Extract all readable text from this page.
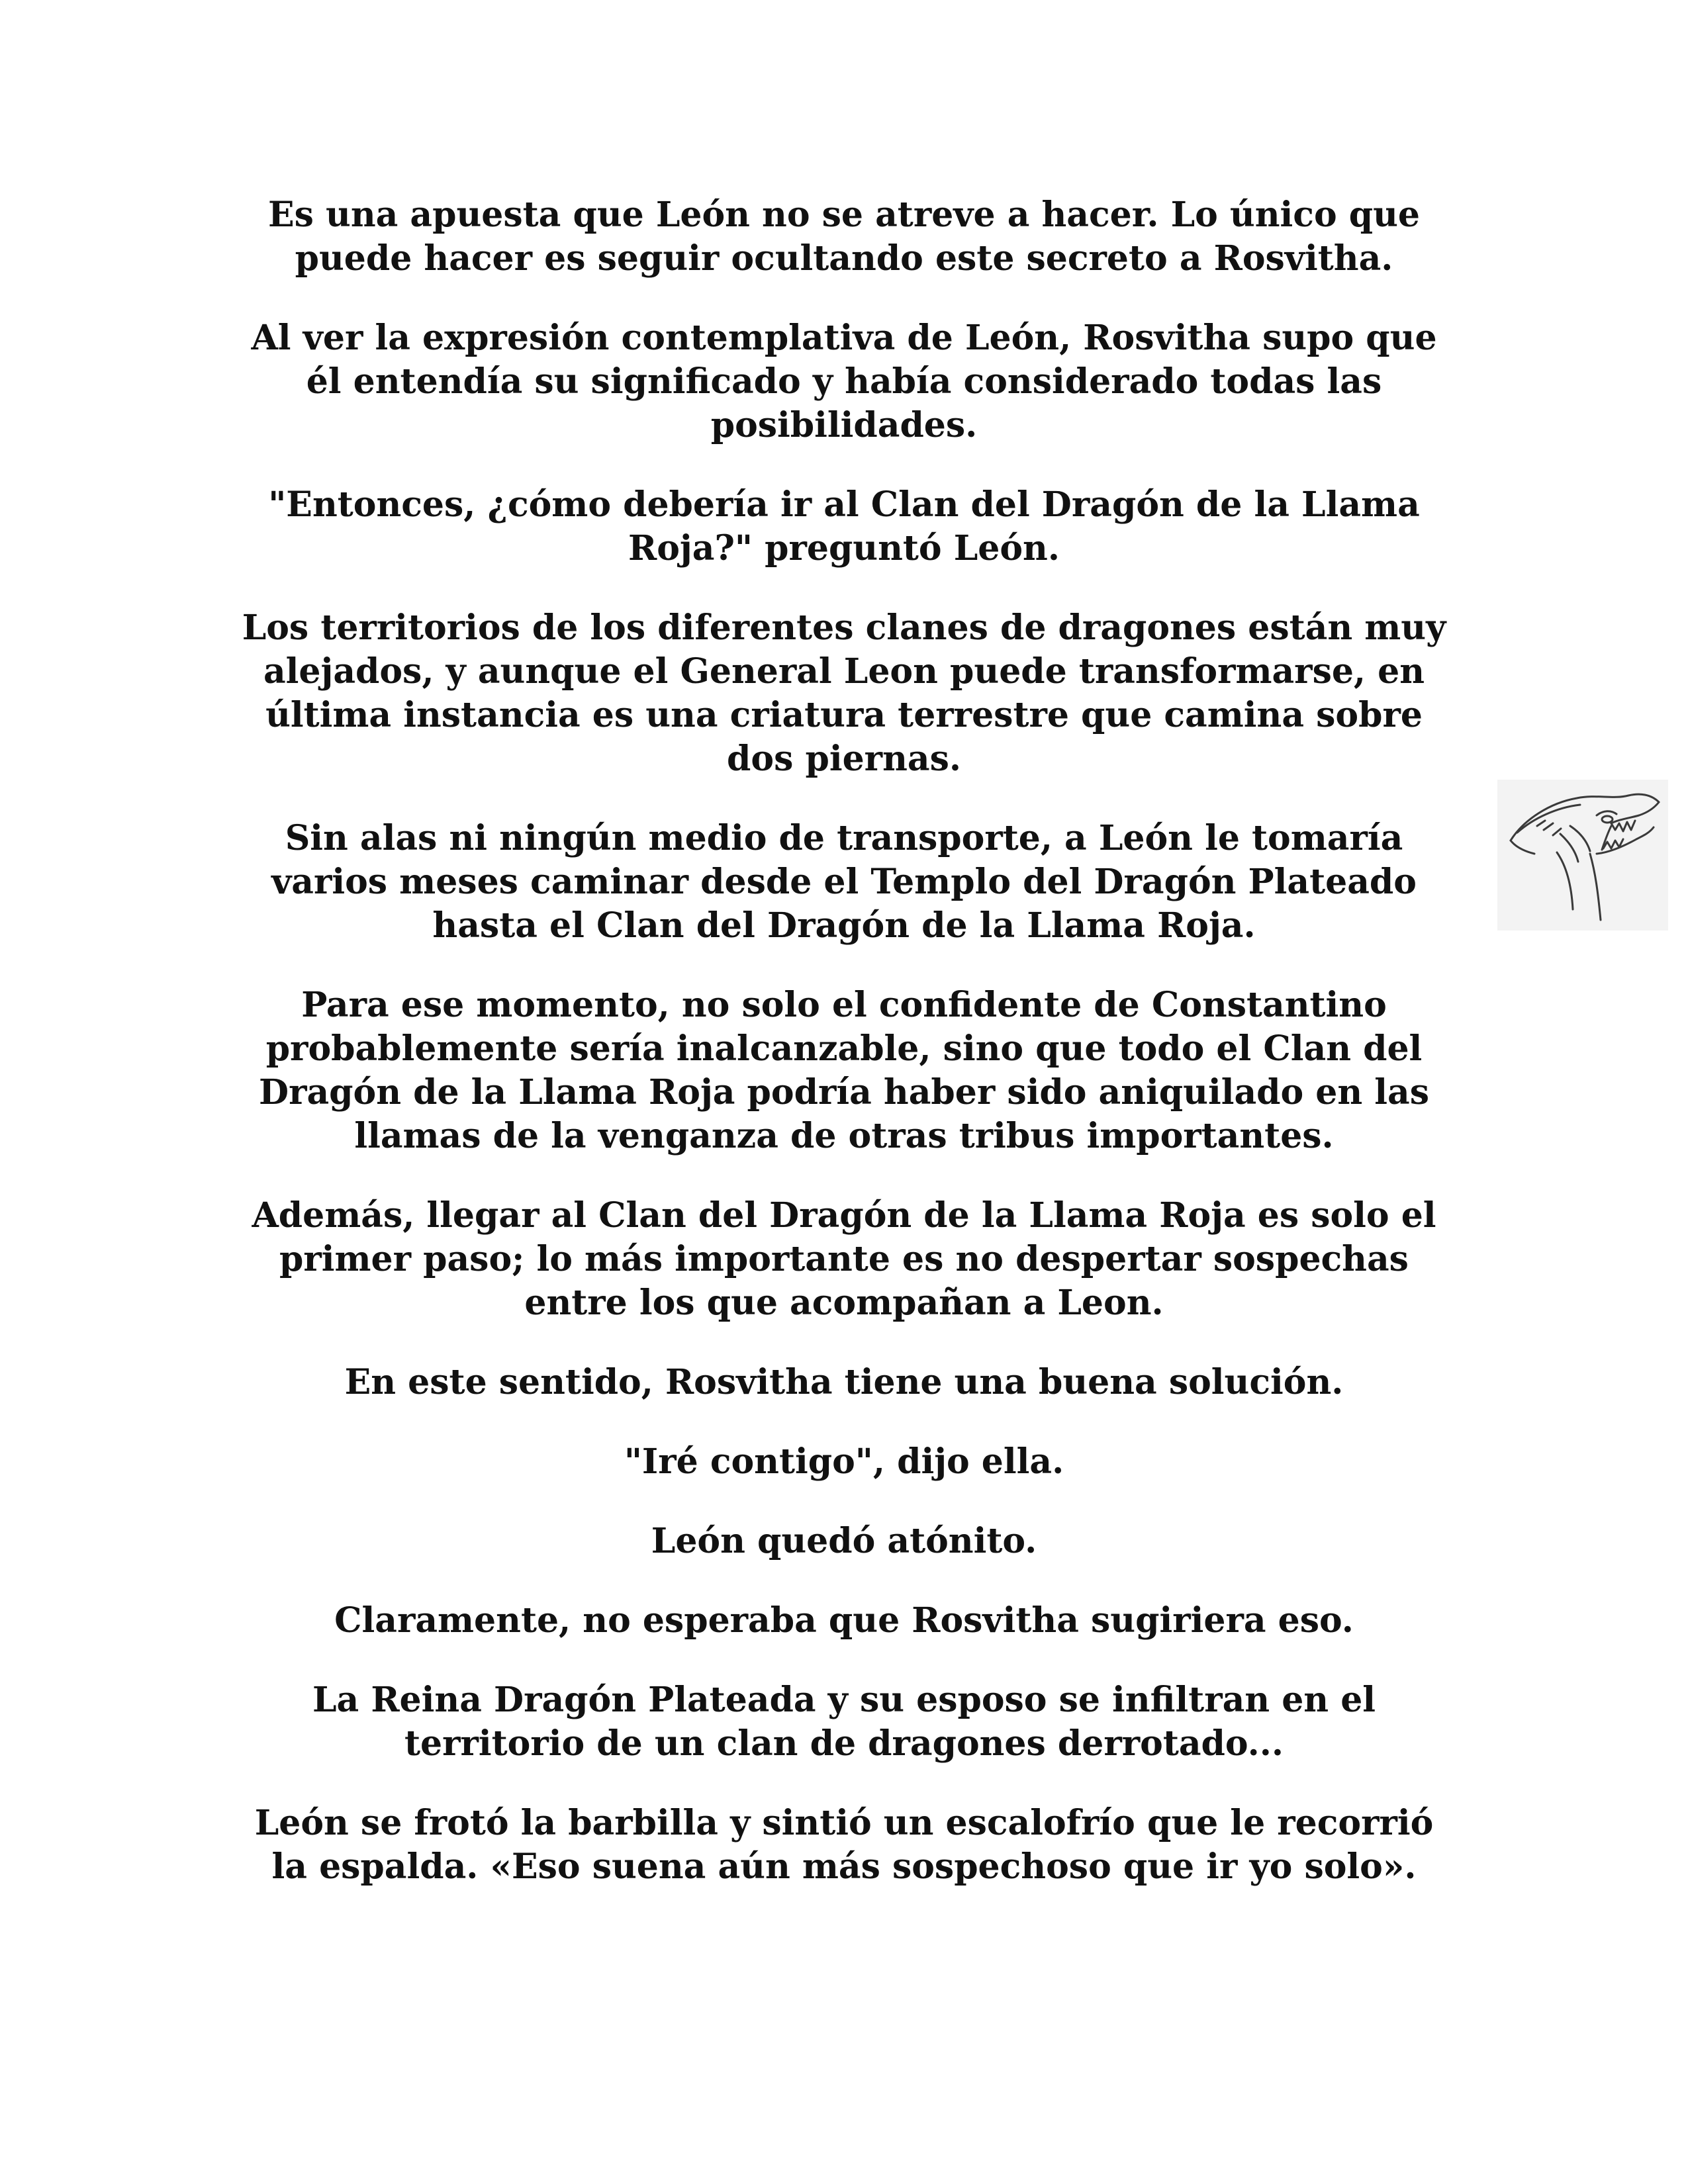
Es una apuesta que León no se atreve a hacer. Lo único que
puede hacer es seguir ocultando este secreto a Rosvitha.

Al ver la expresión contemplativa de León, Rosvitha supo que
él entendía su significado y había considerado todas las
posibilidades.

"Entonces, ¿cómo debería ir al Clan del Dragón de la Llama
Roja?" preguntó León.

Los territorios de los diferentes clanes de dragones están muy
alejados, y aunque el General Leon puede transformarse, en
última instancia es una criatura terrestre que camina sobre
dos piernas.

Sin alas ni ningún medio de transporte, a León le tomaría
varios meses caminar desde el Templo del Dragón Plateado
hasta el Clan del Dragón de la Llama Roja.

Para ese momento, no solo el confidente de Constantino
probablemente sería inalcanzable, sino que todo el Clan del
Dragón de la Llama Roja podría haber sido aniquilado en las
llamas de la venganza de otras tribus importantes.

Además, llegar al Clan del Dragón de la Llama Roja es solo el
primer paso; lo más importante es no despertar sospechas
entre los que acompañan a Leon.

En este sentido, Rosvitha tiene una buena solución.

"Iré contigo", dijo ella.

León quedó atónito.

Claramente, no esperaba que Rosvitha sugiriera eso.

La Reina Dragón Plateada y su esposo se infiltran en el
territorio de un clan de dragones derrotado...

León se frotó la barbilla y sintió un escalofrío que le recorrió
la espalda. «Eso suena aún más sospechoso que ir yo solo».
